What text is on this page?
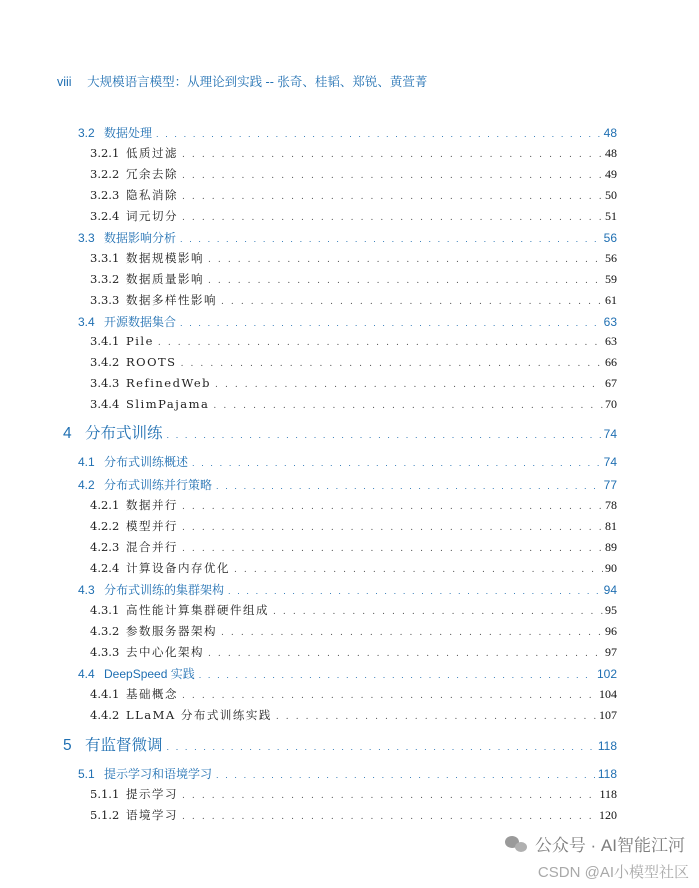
viii 大规模语言模型：从理论到实践 -- 张奇、桂韬、郑锐、黄萱菁
3.2 数据处理 . . .	48
3.2.1 低质过滤 . . .	48
3.2.2 冗余去除 . . .	49
3.2.3 隐私消除 . . .	50
3.2.4 词元切分 . . .	51
3.3 数据影响分析 . . .	56
3.3.1 数据规模影响 . . .	56
3.3.2 数据质量影响 . . .	59
3.3.3 数据多样性影响 . . .	61
3.4 开源数据集合 . . .	63
3.4.1 Pile . . .	63
3.4.2 ROOTS . . .	66
3.4.3 RefinedWeb . . .	67
3.4.4 SlimPajama . . .	70
4 分布式训练 . . .	74
4.1 分布式训练概述 . . .	74
4.2 分布式训练并行策略 . . .	77
4.2.1 数据并行 . . .	78
4.2.2 模型并行 . . .	81
4.2.3 混合并行 . . .	89
4.2.4 计算设备内存优化 . . .	90
4.3 分布式训练的集群架构 . . .	94
4.3.1 高性能计算集群硬件组成 . . .	95
4.3.2 参数服务器架构 . . .	96
4.3.3 去中心化架构 . . .	97
4.4 DeepSpeed 实践 . . .	102
4.4.1 基础概念 . . .	104
4.4.2 LLaMA 分布式训练实践 . . .	107
5 有监督微调 . . .	118
5.1 提示学习和语境学习 . . .	118
5.1.1 提示学习 . . .	118
5.1.2 语境学习 . . .	120
公众号 · AI智能江河
CSDN @AI小模型社区
